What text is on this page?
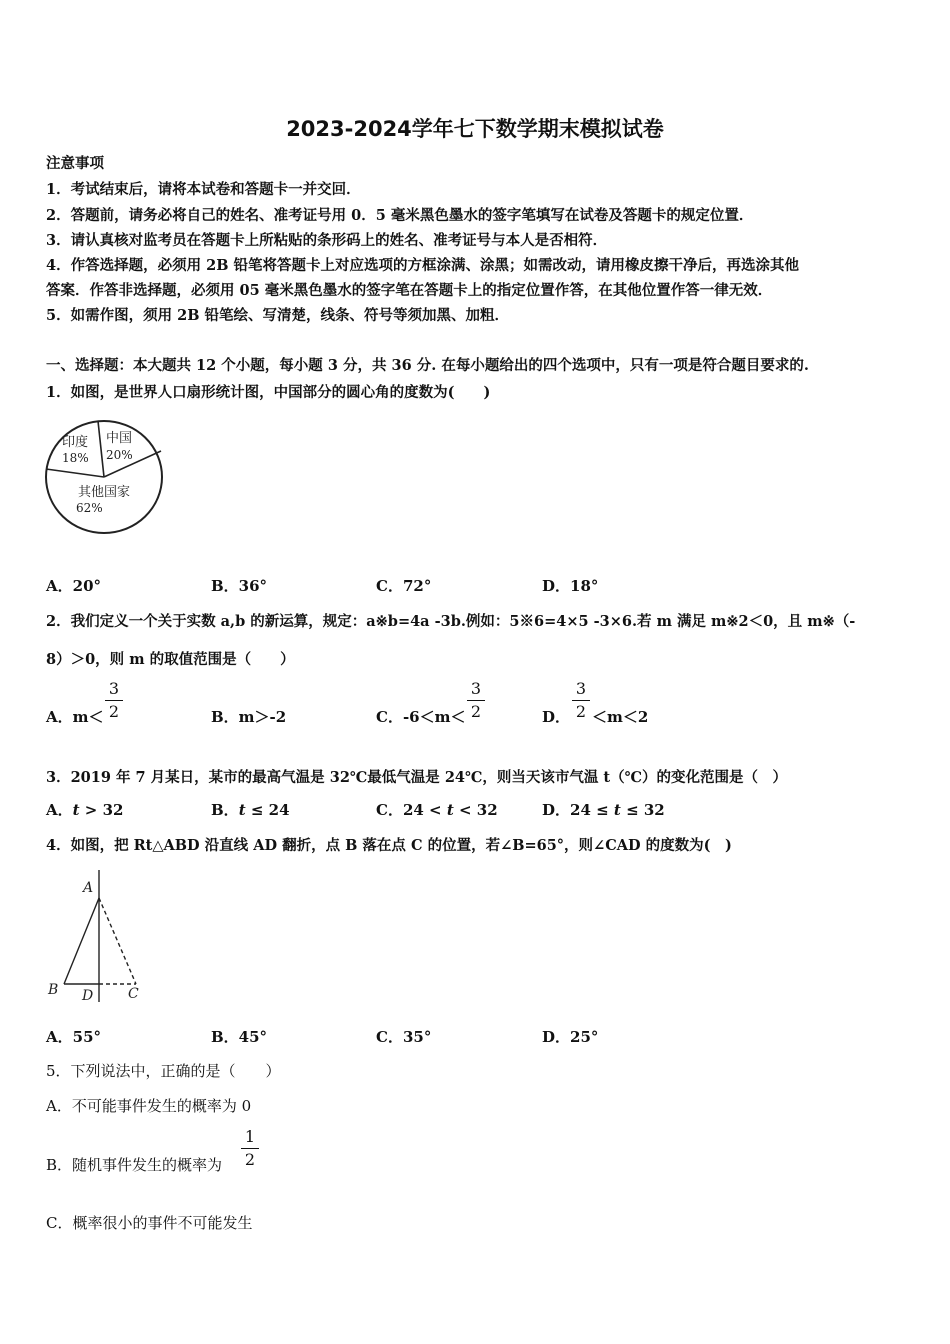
2023-2024学年七下数学期末模拟试卷
注意事项
1．考试结束后，请将本试卷和答题卡一并交回．
2．答题前，请务必将自己的姓名、准考证号用 0．5 毫米黑色墨水的签字笔填写在试卷及答题卡的规定位置．
3．请认真核对监考员在答题卡上所粘贴的条形码上的姓名、准考证号与本人是否相符．
4．作答选择题，必须用 2B 铅笔将答题卡上对应选项的方框涂满、涂黑；如需改动，请用橡皮擦干净后，再选涂其他
答案．作答非选择题，必须用 05 毫米黑色墨水的签字笔在答题卡上的指定位置作答，在其他位置作答一律无效．
5．如需作图，须用 2B 铅笔绘、写清楚，线条、符号等须加黑、加粗．
一、选择题：本大题共 12 个小题，每小题 3 分，共 36 分. 在每小题给出的四个选项中，只有一项是符合题目要求的.
1．如图，是世界人口扇形统计图，中国部分的圆心角的度数为(　　)
印度
18%
中国
20%
其他国家
62%
A．20°	B．36°	C．72°	D．18°
2．我们定义一个关于实数 a,b 的新运算，规定：a※b=4a -3b.例如：5※6=4×5 -3×6.若 m 满足 m※2＜0，且 m※（-
8）＞0，则 m 的取值范围是（　　）
A．m＜
3
2	B．m＞-2	C．-6＜m＜
3
2	D．
3
2 ＜m＜2
3．2019 年 7 月某日，某市的最高气温是 32℃最低气温是 24℃，则当天该市气温 t（℃）的变化范围是（　）
A．t > 32	B．t ≤ 24	C．24 < t < 32	D．24 ≤ t ≤ 32
4．如图，把 Rt△ABD 沿直线 AD 翻折，点 B 落在点 C 的位置，若∠B=65°，则∠CAD 的度数为(　)
A
B D C
A．55°	B．45°	C．35°	D．25°
5．下列说法中，正确的是（　　）
A．不可能事件发生的概率为 0
B．随机事件发生的概率为
1
2
C．概率很小的事件不可能发生
